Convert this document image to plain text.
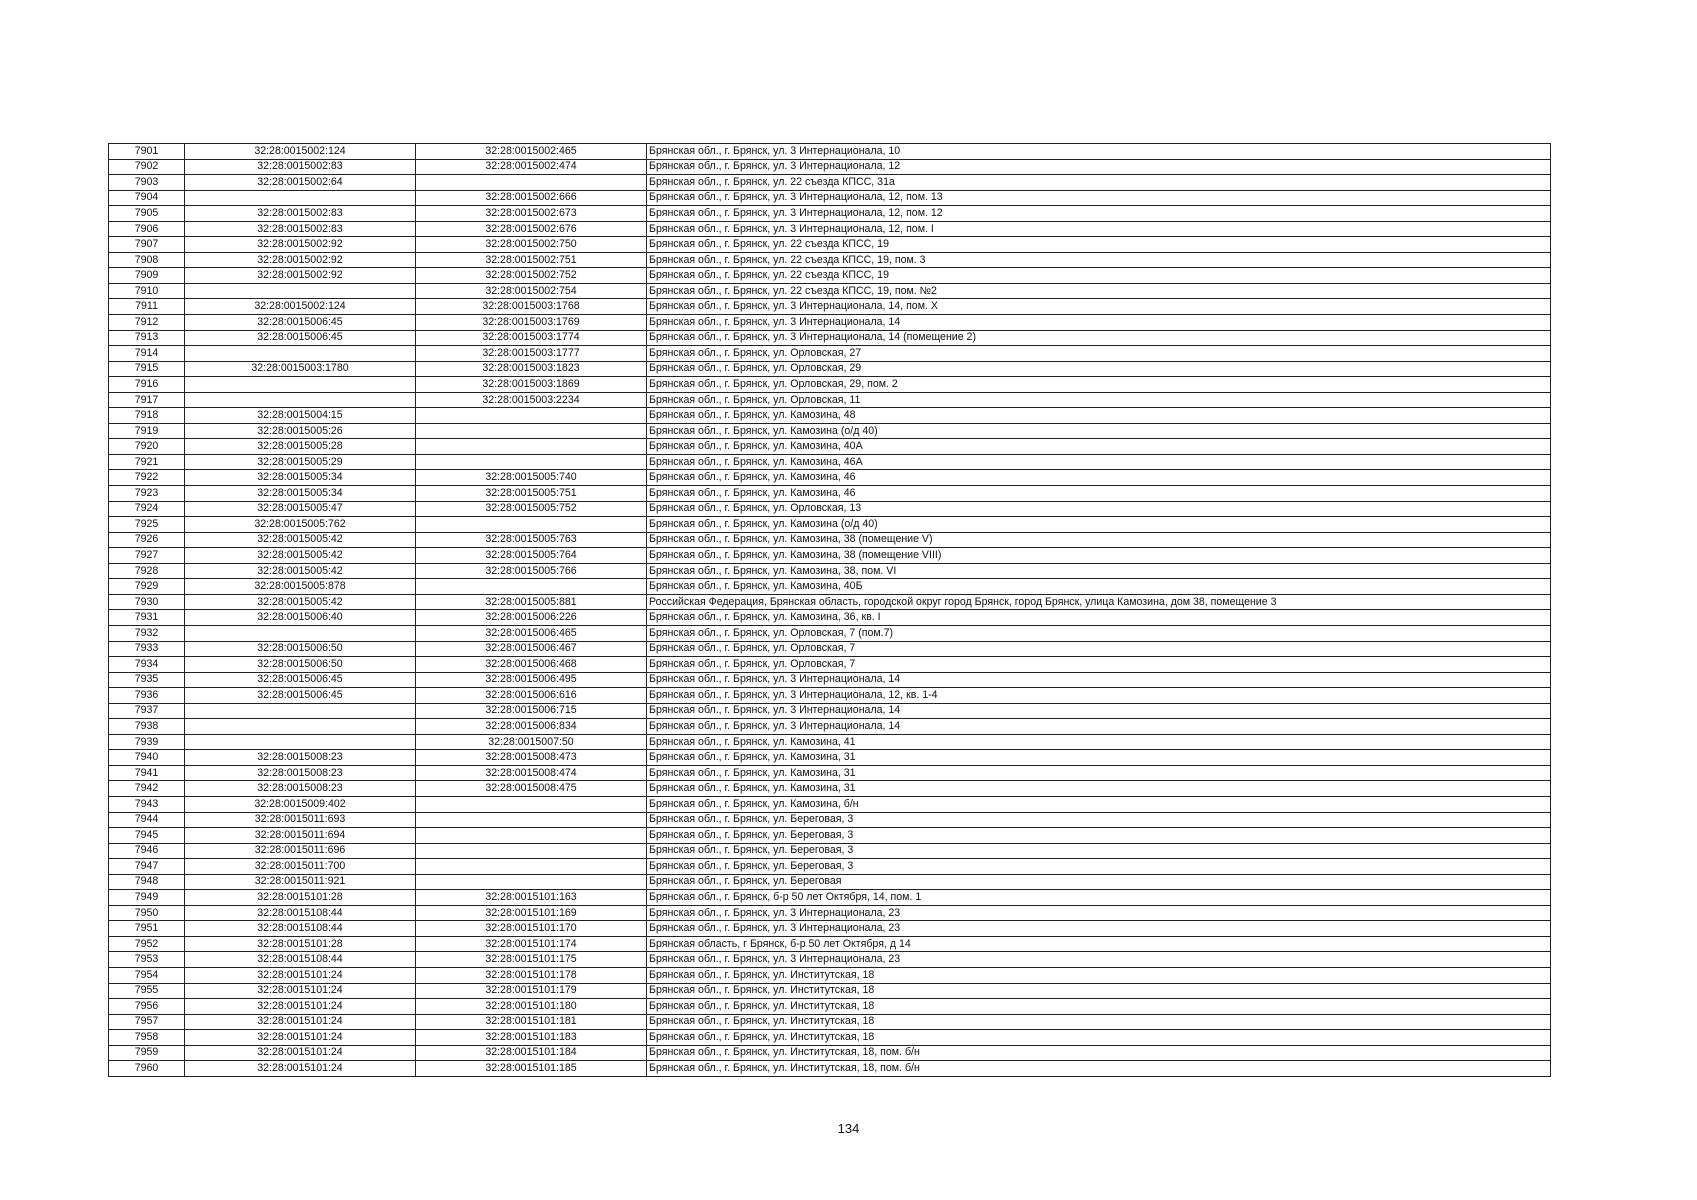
7901	32:28:0015002:124	32:28:0015002:465	Брянская обл., г. Брянск, ул. 3 Интернационала, 10
7902	32:28:0015002:83	32:28:0015002:474	Брянская обл., г. Брянск, ул. 3 Интернационала, 12
7903	32:28:0015002:64		Брянская обл., г. Брянск, ул. 22 съезда КПСС, 31а
7904		32:28:0015002:666	Брянская обл., г. Брянск, ул. 3 Интернационала, 12, пом. 13
7905	32:28:0015002:83	32:28:0015002:673	Брянская обл., г. Брянск, ул. 3 Интернационала, 12, пом. 12
7906	32:28:0015002:83	32:28:0015002:676	Брянская обл., г. Брянск, ул. 3 Интернационала, 12, пом. I
7907	32:28:0015002:92	32:28:0015002:750	Брянская обл., г. Брянск, ул. 22 съезда КПСС, 19
7908	32:28:0015002:92	32:28:0015002:751	Брянская обл., г. Брянск, ул. 22 съезда КПСС, 19, пом. 3
7909	32:28:0015002:92	32:28:0015002:752	Брянская обл., г. Брянск, ул. 22 съезда КПСС, 19
7910		32:28:0015002:754	Брянская обл., г. Брянск, ул. 22 съезда КПСС, 19, пом. №2
7911	32:28:0015002:124	32:28:0015003:1768	Брянская обл., г. Брянск, ул. 3 Интернационала, 14, пом. X
7912	32:28:0015006:45	32:28:0015003:1769	Брянская обл., г. Брянск, ул. 3 Интернационала, 14
7913	32:28:0015006:45	32:28:0015003:1774	Брянская обл., г. Брянск, ул. 3 Интернационала, 14 (помещение 2)
7914		32:28:0015003:1777	Брянская обл., г. Брянск, ул. Орловская, 27
7915	32:28:0015003:1780	32:28:0015003:1823	Брянская обл., г. Брянск, ул. Орловская, 29
7916		32:28:0015003:1869	Брянская обл., г. Брянск, ул. Орловская, 29, пом. 2
7917		32:28:0015003:2234	Брянская обл., г. Брянск, ул. Орловская, 11
7918	32:28:0015004:15		Брянская обл., г. Брянск, ул. Камозина, 48
7919	32:28:0015005:26		Брянская обл., г. Брянск, ул. Камозина (о/д 40)
7920	32:28:0015005:28		Брянская обл., г. Брянск, ул. Камозина, 40А
7921	32:28:0015005:29		Брянская обл., г. Брянск, ул. Камозина, 46А
7922	32:28:0015005:34	32:28:0015005:740	Брянская обл., г. Брянск, ул. Камозина, 46
7923	32:28:0015005:34	32:28:0015005:751	Брянская обл., г. Брянск, ул. Камозина, 46
7924	32:28:0015005:47	32:28:0015005:752	Брянская обл., г. Брянск, ул. Орловская, 13
7925	32:28:0015005:762		Брянская обл., г. Брянск, ул. Камозина (о/д 40)
7926	32:28:0015005:42	32:28:0015005:763	Брянская обл., г. Брянск, ул. Камозина, 38 (помещение V)
7927	32:28:0015005:42	32:28:0015005:764	Брянская обл., г. Брянск, ул. Камозина, 38 (помещение VIII)
7928	32:28:0015005:42	32:28:0015005:766	Брянская обл., г. Брянск, ул. Камозина, 38, пом. VI
7929	32:28:0015005:878		Брянская обл., г. Брянск, ул. Камозина, 40Б
7930	32:28:0015005:42	32:28:0015005:881	Российская Федерация, Брянская область, городской округ город Брянск, город Брянск, улица Камозина, дом 38, помещение 3
7931	32:28:0015006:40	32:28:0015006:226	Брянская обл., г. Брянск, ул. Камозина, 36, кв. I
7932		32:28:0015006:465	Брянская обл., г. Брянск, ул. Орловская, 7 (пом.7)
7933	32:28:0015006:50	32:28:0015006:467	Брянская обл., г. Брянск, ул. Орловская, 7
7934	32:28:0015006:50	32:28:0015006:468	Брянская обл., г. Брянск, ул. Орловская, 7
7935	32:28:0015006:45	32:28:0015006:495	Брянская обл., г. Брянск, ул. 3 Интернационала, 14
7936	32:28:0015006:45	32:28:0015006:616	Брянская обл., г. Брянск, ул. 3 Интернационала, 12, кв. 1-4
7937		32:28:0015006:715	Брянская обл., г. Брянск, ул. 3 Интернационала, 14
7938		32:28:0015006:834	Брянская обл., г. Брянск, ул. 3 Интернационала, 14
7939		32:28:0015007:50	Брянская обл., г. Брянск, ул. Камозина, 41
7940	32:28:0015008:23	32:28:0015008:473	Брянская обл., г. Брянск, ул. Камозина, 31
7941	32:28:0015008:23	32:28:0015008:474	Брянская обл., г. Брянск, ул. Камозина, 31
7942	32:28:0015008:23	32:28:0015008:475	Брянская обл., г. Брянск, ул. Камозина, 31
7943	32:28:0015009:402		Брянская обл., г. Брянск, ул. Камозина, б/н
7944	32:28:0015011:693		Брянская обл., г. Брянск, ул. Береговая, 3
7945	32:28:0015011:694		Брянская обл., г. Брянск, ул. Береговая, 3
7946	32:28:0015011:696		Брянская обл., г. Брянск, ул. Береговая, 3
7947	32:28:0015011:700		Брянская обл., г. Брянск, ул. Береговая, 3
7948	32:28:0015011:921		Брянская обл., г. Брянск, ул. Береговая
7949	32:28:0015101:28	32:28:0015101:163	Брянская обл., г. Брянск, б-р 50 лет Октября, 14, пом. 1
7950	32:28:0015108:44	32:28:0015101:169	Брянская обл., г. Брянск, ул. 3 Интернационала, 23
7951	32:28:0015108:44	32:28:0015101:170	Брянская обл., г. Брянск, ул. 3 Интернационала, 23
7952	32:28:0015101:28	32:28:0015101:174	Брянская область, г Брянск, б-р 50 лет Октября, д 14
7953	32:28:0015108:44	32:28:0015101:175	Брянская обл., г. Брянск, ул. 3 Интернационала, 23
7954	32:28:0015101:24	32:28:0015101:178	Брянская обл., г. Брянск, ул. Институтская, 18
7955	32:28:0015101:24	32:28:0015101:179	Брянская обл., г. Брянск, ул. Институтская, 18
7956	32:28:0015101:24	32:28:0015101:180	Брянская обл., г. Брянск, ул. Институтская, 18
7957	32:28:0015101:24	32:28:0015101:181	Брянская обл., г. Брянск, ул. Институтская, 18
7958	32:28:0015101:24	32:28:0015101:183	Брянская обл., г. Брянск, ул. Институтская, 18
7959	32:28:0015101:24	32:28:0015101:184	Брянская обл., г. Брянск, ул. Институтская, 18, пом. б/н
7960	32:28:0015101:24	32:28:0015101:185	Брянская обл., г. Брянск, ул. Институтская, 18, пом. б/н
134
